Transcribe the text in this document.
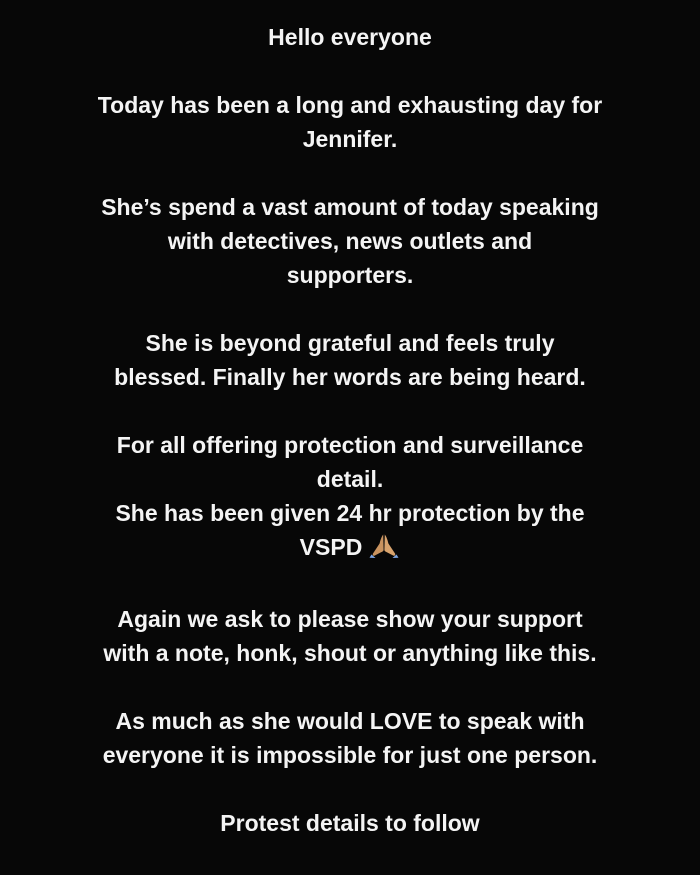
Hello everyone
Today has been a long and exhausting day for
Jennifer.
She’s spend a vast amount of today speaking
with detectives, news outlets and
supporters.
She is beyond grateful and feels truly
blessed. Finally her words are being heard.
For all offering protection and surveillance
detail.
She has been given 24 hr protection by the
VSPD
Again we ask to please show your support
with a note, honk, shout or anything like this.
As much as she would LOVE to speak with
everyone it is impossible for just one person.
Protest details to follow
